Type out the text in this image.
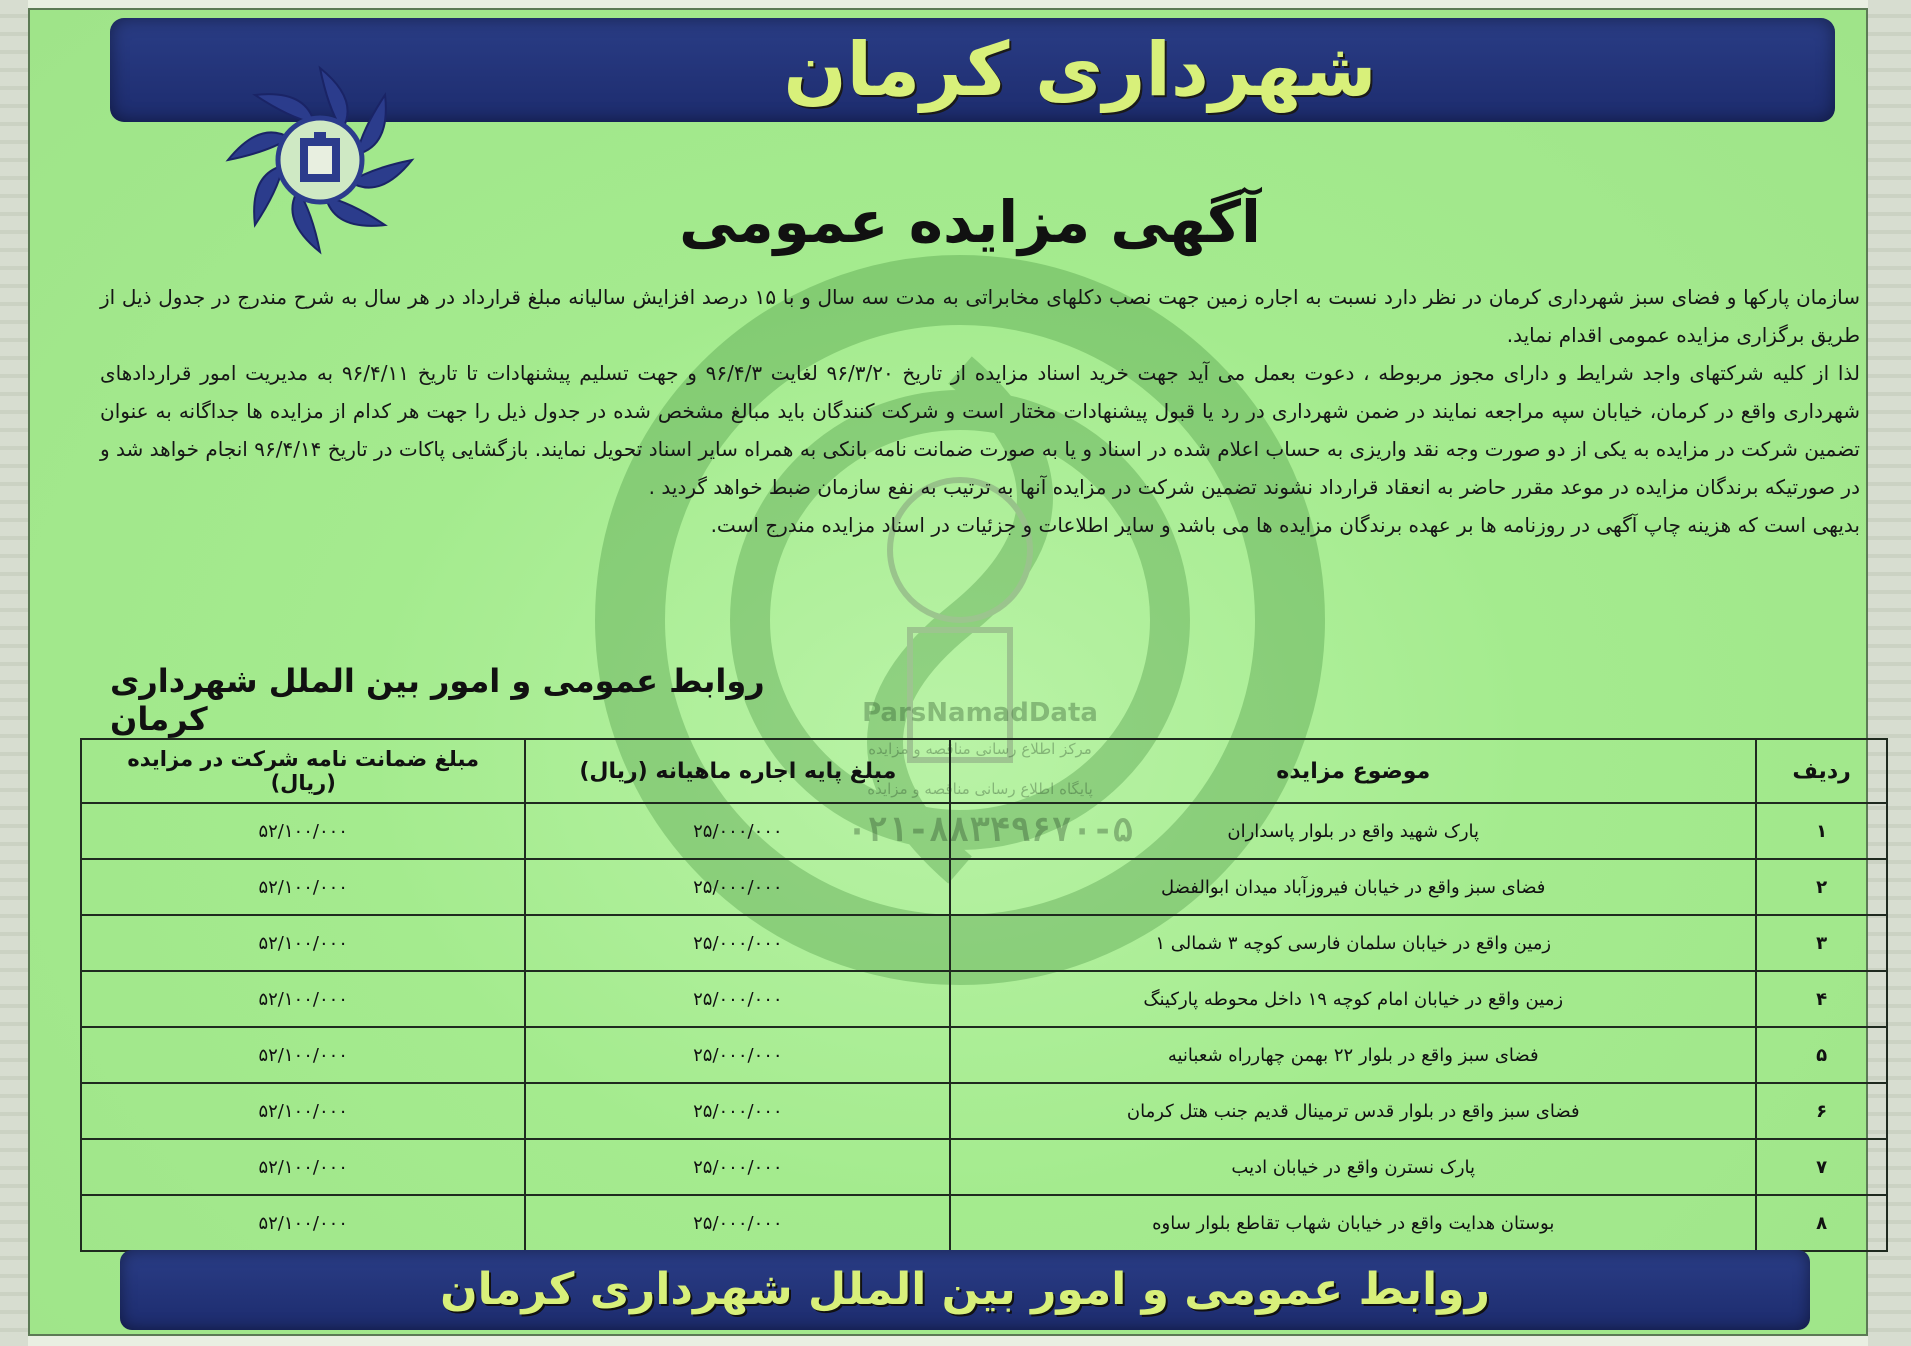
ParsNamadData
مرکز اطلاع رسانی مناقصه و مزایده
پایگاه اطلاع رسانی مناقصه و مزایده
۰۲۱-۸۸۳۴۹۶۷۰-۵
شهرداری کرمان
آگهی مزایده عمومی

سازمان پارکها و فضای سبز شهرداری کرمان در نظر دارد نسبت به اجاره زمین جهت نصب دکلهای مخابراتی به مدت سه سال و با ۱۵ درصد افزایش سالیانه مبلغ قرارداد در هر سال به شرح مندرج در جدول ذیل از طریق برگزاری مزایده عمومی اقدام نماید.

لذا از کلیه شرکتهای واجد شرایط و دارای مجوز مربوطه ، دعوت بعمل می آید جهت خرید اسناد مزایده از تاریخ ۹۶/۳/۲۰ لغایت ۹۶/۴/۳ و جهت تسلیم پیشنهادات تا تاریخ ۹۶/۴/۱۱ به مدیریت امور قراردادهای شهرداری واقع در کرمان، خیابان سپه مراجعه نمایند در ضمن شهرداری در رد یا قبول پیشنهادات مختار است و شرکت کنندگان باید مبالغ مشخص شده در جدول ذیل را جهت هر کدام از مزایده ها جداگانه به عنوان تضمین شرکت در مزایده به یکی از دو صورت وجه نقد واریزی به حساب اعلام شده در اسناد و یا به صورت ضمانت نامه بانکی به همراه سایر اسناد تحویل نمایند. بازگشایی پاکات در تاریخ ۹۶/۴/۱۴ انجام خواهد شد و در صورتیکه برندگان مزایده در موعد مقرر حاضر به انعقاد قرارداد نشوند تضمین شرکت در مزایده آنها به ترتیب به نفع سازمان ضبط خواهد گردید .

بدیهی است که هزینه چاپ آگهی در روزنامه ها بر عهده برندگان مزایده ها می باشد و سایر اطلاعات و جزئیات در اسناد مزایده مندرج است.

روابط عمومی و امور بین الملل شهرداری کرمان
ردیف	موضوع مزایده	مبلغ پایه اجاره ماهیانه (ریال)	مبلغ ضمانت نامه شرکت در مزایده (ریال)
۱	پارک شهید واقع در بلوار پاسداران	۲۵/۰۰۰/۰۰۰	۵۲/۱۰۰/۰۰۰
۲	فضای سبز واقع در خیابان فیروزآباد میدان ابوالفضل	۲۵/۰۰۰/۰۰۰	۵۲/۱۰۰/۰۰۰
۳	زمین واقع در خیابان سلمان فارسی کوچه ۳ شمالی ۱	۲۵/۰۰۰/۰۰۰	۵۲/۱۰۰/۰۰۰
۴	زمین واقع در خیابان امام کوچه ۱۹ داخل محوطه پارکینگ	۲۵/۰۰۰/۰۰۰	۵۲/۱۰۰/۰۰۰
۵	فضای سبز واقع در بلوار ۲۲ بهمن چهارراه شعبانیه	۲۵/۰۰۰/۰۰۰	۵۲/۱۰۰/۰۰۰
۶	فضای سبز واقع در بلوار قدس ترمینال قدیم جنب هتل کرمان	۲۵/۰۰۰/۰۰۰	۵۲/۱۰۰/۰۰۰
۷	پارک نسترن واقع در خیابان ادیب	۲۵/۰۰۰/۰۰۰	۵۲/۱۰۰/۰۰۰
۸	بوستان هدایت واقع در خیابان شهاب تقاطع بلوار ساوه	۲۵/۰۰۰/۰۰۰	۵۲/۱۰۰/۰۰۰
روابط عمومی و امور بین الملل شهرداری کرمان
